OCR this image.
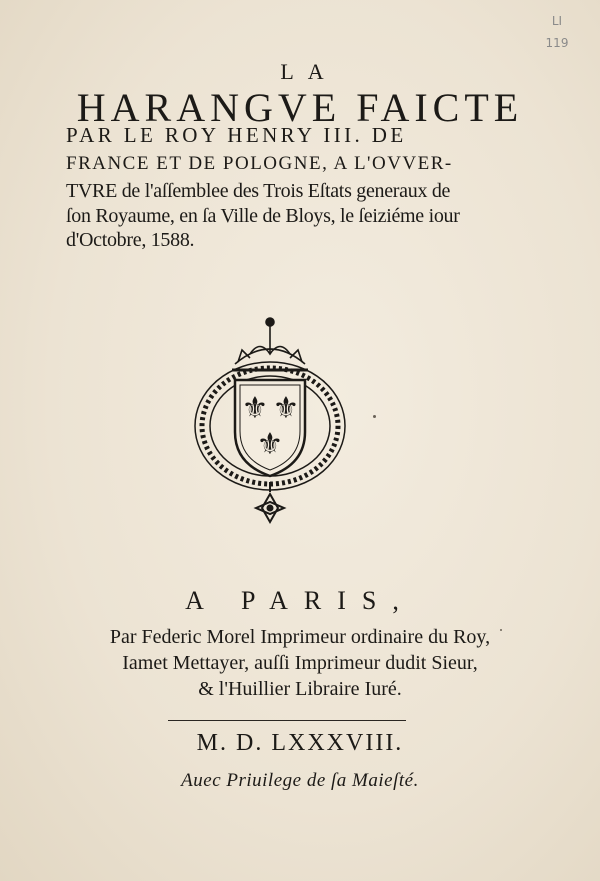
LI
119

LA

HARANGVE FAICTE

PAR LE ROY HENRY III. DE
FRANCE ET DE POLOGNE, A L'OVVER-
TVRE de l'aſſemblee des Trois Eſtats generaux de
ſon Royaume, en ſa Ville de Bloys, le ſeiziéme iour
d'Octobre, 1588.
⚜ ⚜
⚜
A PARIS,
Par Federic Morel Imprimeur ordinaire du Roy,
Iamet Mettayer, auſſi Imprimeur dudit Sieur,
& l'Huillier Libraire Iuré.
M. D. LXXXVIII.
Auec Priuilege de ſa Maieſté.
